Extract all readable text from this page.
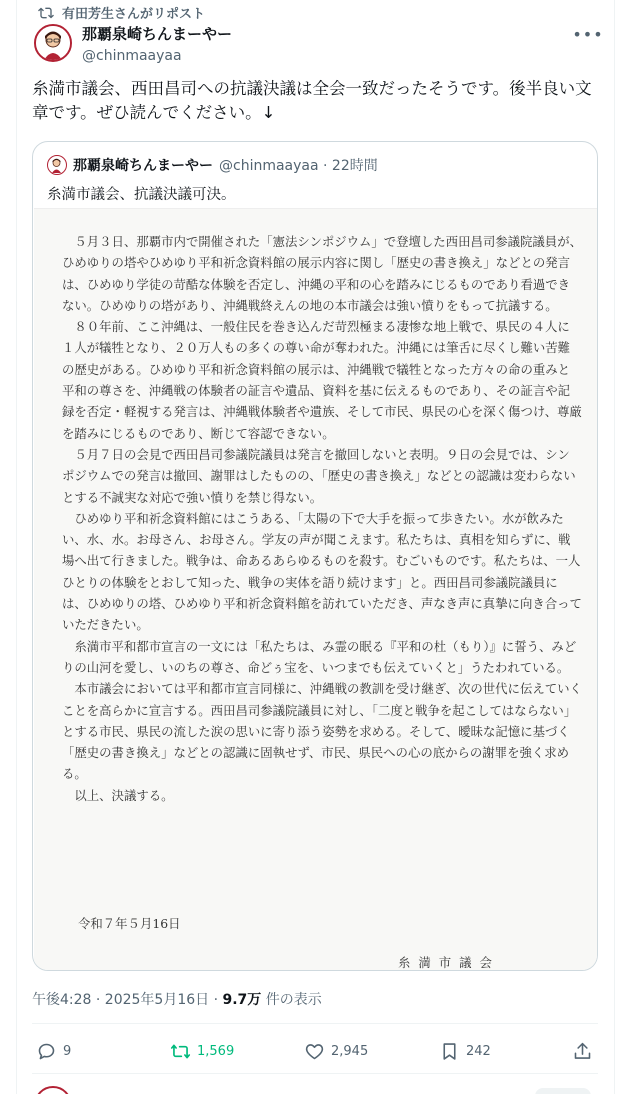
有田芳生さんがリポスト
那覇泉崎ちんまーやー
@chinmaayaa
•••
糸満市議会、西田昌司への抗議決議は全会一致だったそうです。後半良い文章です。ぜひ読んでください。↓
那覇泉崎ちんまーやー @chinmaayaa · 22時間
糸満市議会、抗議決議可決。

　５月３日、那覇市内で開催された「憲法シンポジウム」で登壇した西田昌司参議院議員が、ひめゆりの塔やひめゆり平和祈念資料館の展示内容に関し「歴史の書き換え」などとの発言は、ひめゆり学徒の苛酷な体験を否定し、沖縄の平和の心を踏みにじるものであり看過できない。ひめゆりの塔があり、沖縄戦終えんの地の本市議会は強い憤りをもって抗議する。

　８０年前、ここ沖縄は、一般住民を巻き込んだ苛烈極まる凄惨な地上戦で、県民の４人に１人が犠牲となり、２０万人もの多くの尊い命が奪われた。沖縄には筆舌に尽くし難い苦難の歴史がある。ひめゆり平和祈念資料館の展示は、沖縄戦で犠牲となった方々の命の重みと平和の尊さを、沖縄戦の体験者の証言や遺品、資料を基に伝えるものであり、その証言や記録を否定・軽視する発言は、沖縄戦体験者や遺族、そして市民、県民の心を深く傷つけ、尊厳を踏みにじるものであり、断じて容認できない。

　５月７日の会見で西田昌司参議院議員は発言を撤回しないと表明。９日の会見では、シンポジウムでの発言は撤回、謝罪はしたものの、「歴史の書き換え」などとの認識は変わらないとする不誠実な対応で強い憤りを禁じ得ない。

　ひめゆり平和祈念資料館にはこうある、「太陽の下で大手を振って歩きたい。水が飲みたい、水、水。お母さん、お母さん。学友の声が聞こえます。私たちは、真相を知らずに、戦場へ出て行きました。戦争は、命あるあらゆるものを殺す。むごいものです。私たちは、一人ひとりの体験をとおして知った、戦争の実体を語り続けます」と。西田昌司参議院議員には、ひめゆりの塔、ひめゆり平和祈念資料館を訪れていただき、声なき声に真摯に向き合っていただきたい。

　糸満市平和都市宣言の一文には「私たちは、み霊の眠る『平和の杜（もり）』に誓う、みどりの山河を愛し、いのちの尊さ、命どぅ宝を、いつまでも伝えていくと」うたわれている。

　本市議会においては平和都市宣言同様に、沖縄戦の教訓を受け継ぎ、次の世代に伝えていくことを高らかに宣言する。西田昌司参議院議員に対し、「二度と戦争を起こしてはならない」とする市民、県民の流した涙の思いに寄り添う姿勢を求める。そして、曖昧な記憶に基づく「歴史の書き換え」などとの認識に固執せず、市民、県民への心の底からの謝罪を強く求める。

　以上、決議する。

令和７年５月16日
糸満市議会
午後4:28 · 2025年5月16日 · 9.7万 件の表示
9	1,569	2,945	242
